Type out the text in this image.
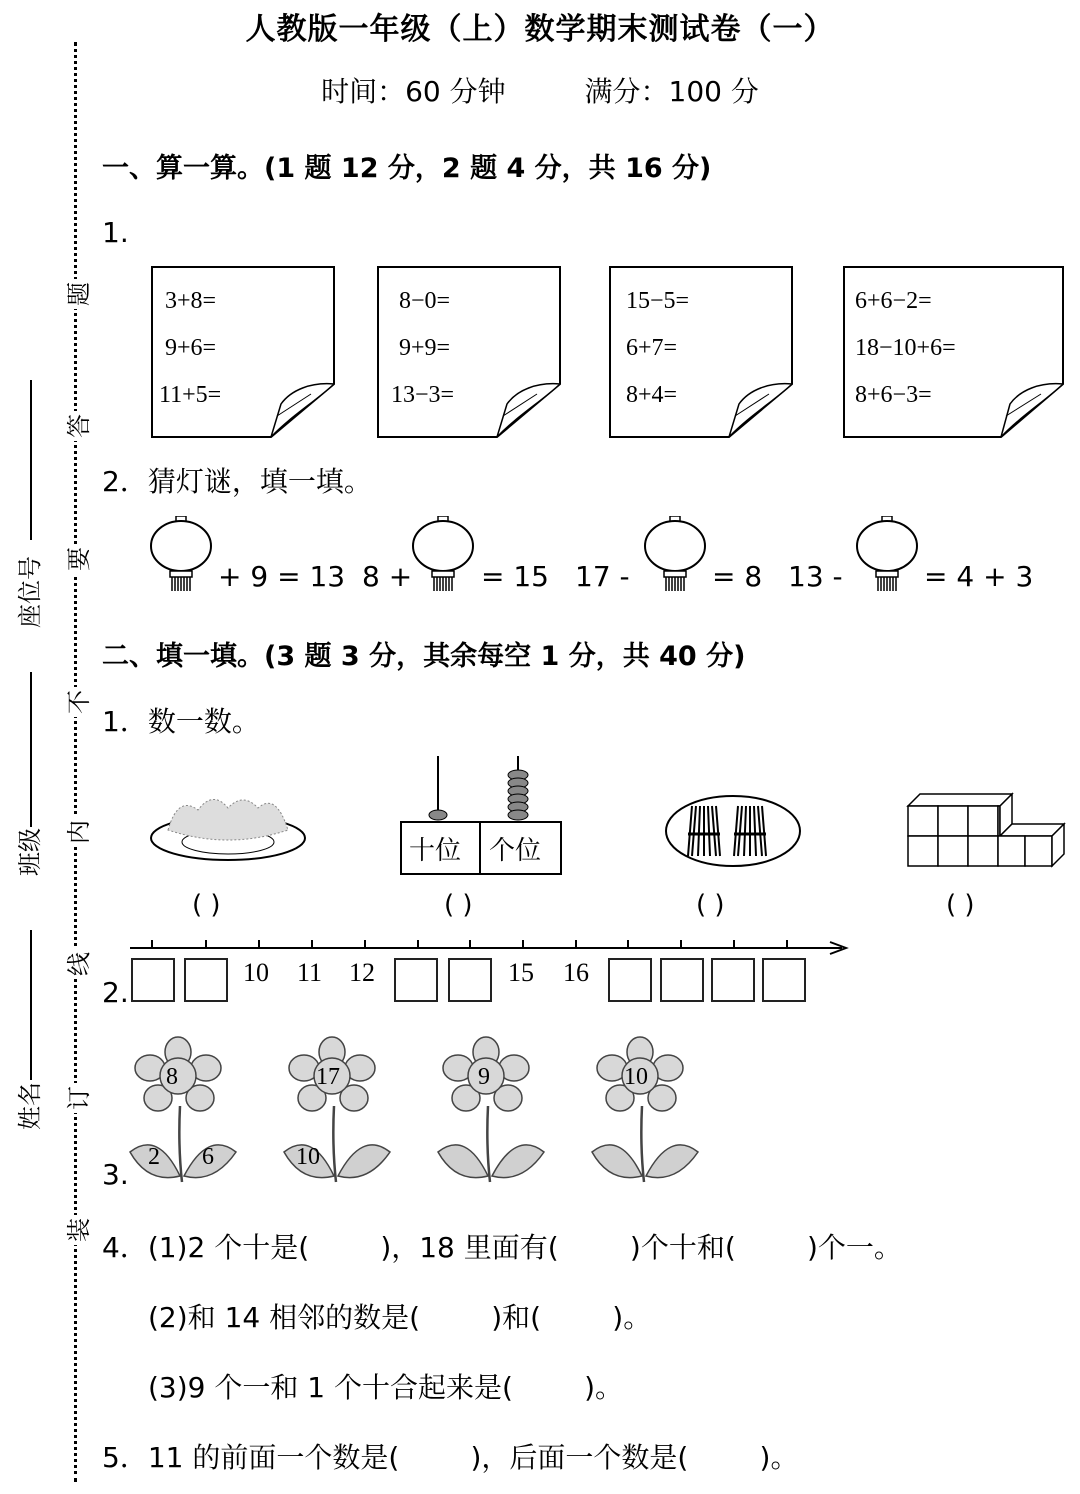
人教版一年级（上）数学期末测试卷（一）
时间：60 分钟	满分：100 分
题
答
要
不
内
线
订
装
座位号
班级
姓名
一、算一算。(1 题 12 分，2 题 4 分，共 16 分)
1.
3+8=
9+6=
11+5=
8−0=
9+9=
13−3=
15−5=
6+7=
8+4=
6+6−2=
18−10+6=
8+6−3=
2．猜灯谜，填一填。
+ 9 = 13 8 + = 15 17 -	= 8 13 -	= 4 + 3
二、填一填。(3 题 3 分，其余每空 1 分，共 40 分)
1．数一数。
十位 个位
( )	( )	( )	( )
2.
10 11 12	15 16
3.
8
2 6
17
10
9	10
4．(1)2 个十是(        )，18 里面有(        )个十和(        )个一。
(2)和 14 相邻的数是(        )和(        )。
(3)9 个一和 1 个十合起来是(        )。
5．11 的前面一个数是(        )，后面一个数是(        )。
